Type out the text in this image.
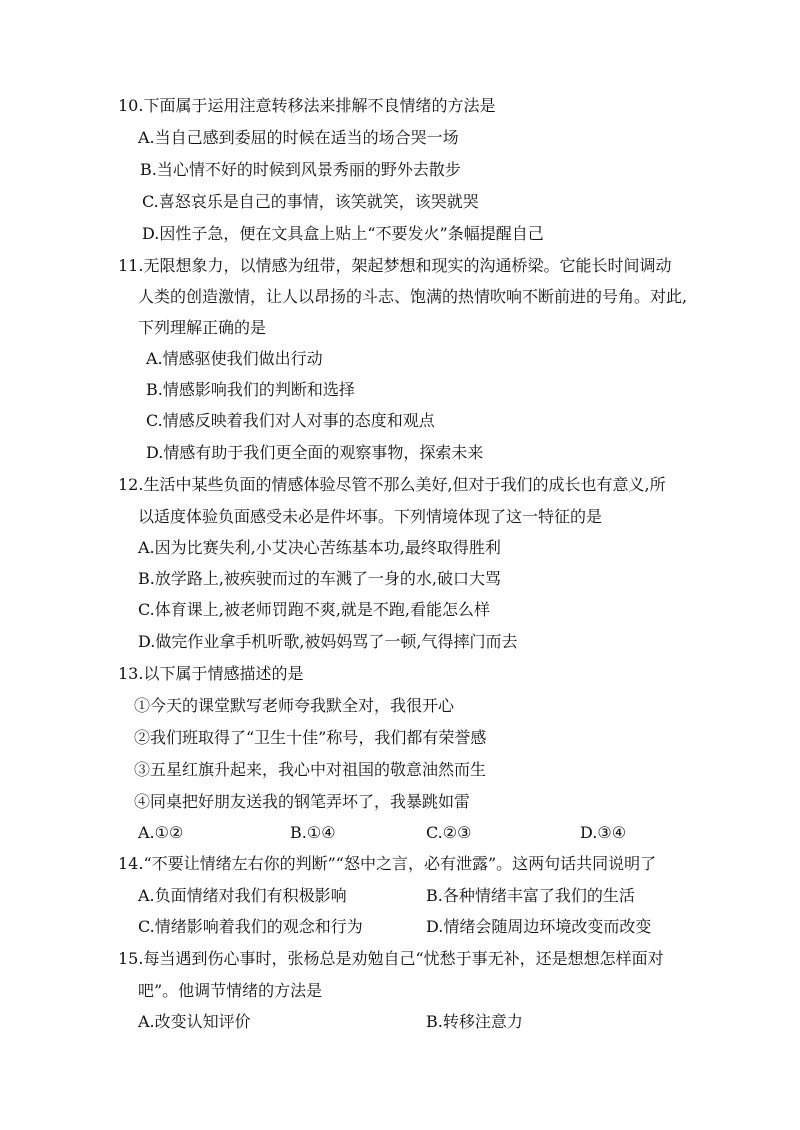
10.下面属于运用注意转移法来排解不良情绪的方法是
A.当自己感到委屈的时候在适当的场合哭一场
B.当心情不好的时候到风景秀丽的野外去散步
C.喜怒哀乐是自己的事情，该笑就笑，该哭就哭
D.因性子急，便在文具盒上贴上“不要发火”条幅提醒自己
11.无限想象力，以情感为纽带，架起梦想和现实的沟通桥梁。它能长时间调动
人类的创造激情，让人以昂扬的斗志、饱满的热情吹响不断前进的号角。对此,
下列理解正确的是
A.情感驱使我们做出行动
B.情感影响我们的判断和选择
C.情感反映着我们对人对事的态度和观点
D.情感有助于我们更全面的观察事物，探索未来
12.生活中某些负面的情感体验尽管不那么美好,但对于我们的成长也有意义,所
以适度体验负面感受未必是件坏事。下列情境体现了这一特征的是
A.因为比赛失利,小艾决心苦练基本功,最终取得胜利
B.放学路上,被疾驶而过的车溅了一身的水,破口大骂
C.体育课上,被老师罚跑不爽,就是不跑,看能怎么样
D.做完作业拿手机听歌,被妈妈骂了一顿,气得摔门而去
13.以下属于情感描述的是
①今天的课堂默写老师夸我默全对，我很开心
②我们班取得了“卫生十佳”称号，我们都有荣誉感
③五星红旗升起来，我心中对祖国的敬意油然而生
④同桌把好朋友送我的钢笔弄坏了，我暴跳如雷
A.①②	B.①④	C.②③	D.③④
14.“不要让情绪左右你的判断”“怒中之言，必有泄露”。这两句话共同说明了
A.负面情绪对我们有积极影响	B.各种情绪丰富了我们的生活
C.情绪影响着我们的观念和行为	D.情绪会随周边环境改变而改变
15.每当遇到伤心事时，张杨总是劝勉自己“忧愁于事无补，还是想想怎样面对
吧”。他调节情绪的方法是
A.改变认知评价	B.转移注意力
